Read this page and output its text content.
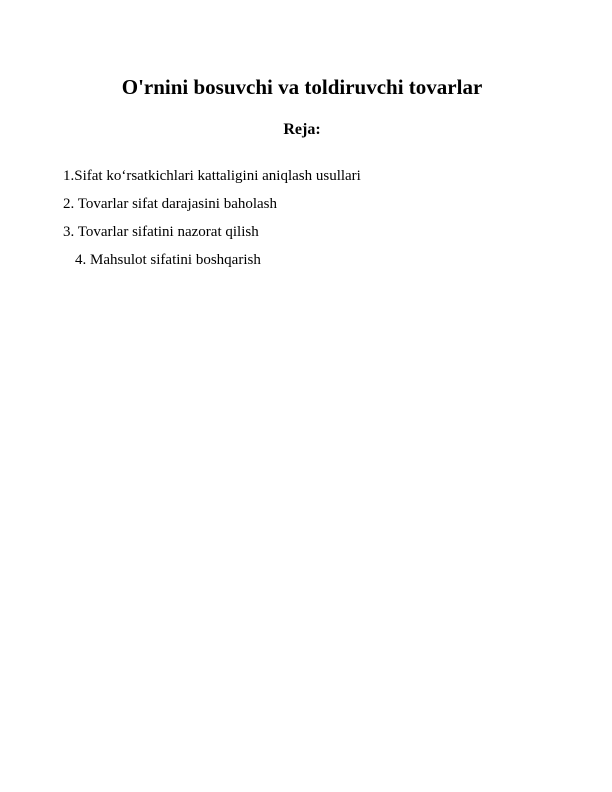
O'rnini bosuvchi va toldiruvchi tovarlar
Reja:
1.Sifat ko‘rsatkichlari kattaligini aniqlash usullari
2. Tovarlar sifat darajasini baholash
3. Tovarlar sifatini nazorat qilish
4. Mahsulot sifatini boshqarish
